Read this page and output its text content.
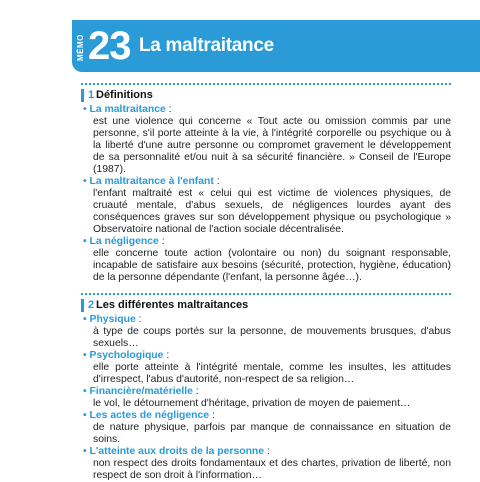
MÉMO 23 La maltraitance
1 Définitions

• La maltraitance :

est une violence qui concerne « Tout acte ou omission commis par une personne, s'il porte atteinte à la vie, à l'intégrité corporelle ou psychique ou à la liberté d'une autre personne ou compromet gravement le développement de sa personnalité et/ou nuit à sa sécurité financière. » Conseil de l'Europe (1987).

• La maltraitance à l'enfant :

l'enfant maltraité est « celui qui est victime de violences physiques, de cruauté mentale, d'abus sexuels, de négligences lourdes ayant des conséquences graves sur son développement physique ou psychologique » Observatoire national de l'action sociale décentralisée.

• La négligence :

elle concerne toute action (volontaire ou non) du soignant responsable, incapable de satisfaire aux besoins (sécurité, protection, hygiène, éducation) de la personne dépendante (l'enfant, la personne âgée…).

2 Les différentes maltraitances

• Physique :

à type de coups portés sur la personne, de mouvements brusques, d'abus sexuels…

• Psychologique :

elle porte atteinte à l'intégrité mentale, comme les insultes, les attitudes d'irrespect, l'abus d'autorité, non-respect de sa religion…

• Financière/matérielle :

le vol, le détournement d'héritage, privation de moyen de paiement…

• Les actes de négligence :

de nature physique, parfois par manque de connaissance en situation de soins.

• L'atteinte aux droits de la personne :

non respect des droits fondamentaux et des chartes, privation de liberté, non respect de son droit à l'information…
